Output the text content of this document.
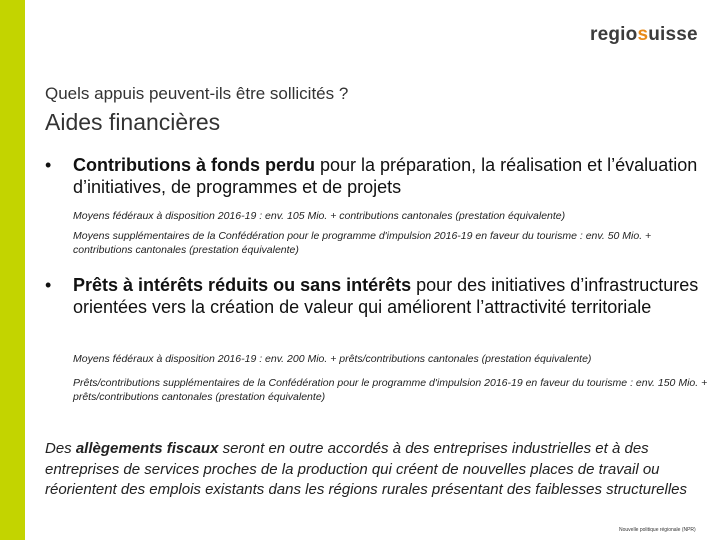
regiosuisse
Quels appuis peuvent-ils être sollicités ?
Aides financières
• Contributions à fonds perdu pour la préparation, la réalisation et l’évaluation d’initiatives, de programmes et de projets
Moyens fédéraux à disposition 2016-19 : env. 105 Mio. + contributions cantonales (prestation équivalente)
Moyens supplémentaires de la Confédération pour le programme d'impulsion 2016-19 en faveur du tourisme : env. 50 Mio. + contributions cantonales (prestation équivalente)
• Prêts à intérêts réduits ou sans intérêts pour des initiatives d’infrastructures orientées vers la création de valeur qui améliorent l’attractivité territoriale
Moyens fédéraux à disposition 2016-19 : env. 200 Mio. + prêts/contributions cantonales (prestation équivalente)
Prêts/contributions supplémentaires de la Confédération pour le programme d'impulsion 2016-19 en faveur du tourisme : env. 150 Mio. + prêts/contributions cantonales (prestation équivalente)
Des allègements fiscaux seront en outre accordés à des entreprises industrielles et à des entreprises de services proches de la production qui créent de nouvelles places de travail ou réorientent des emplois existants dans les régions rurales présentant des faiblesses structurelles
Nouvelle politique régionale (NPR)
